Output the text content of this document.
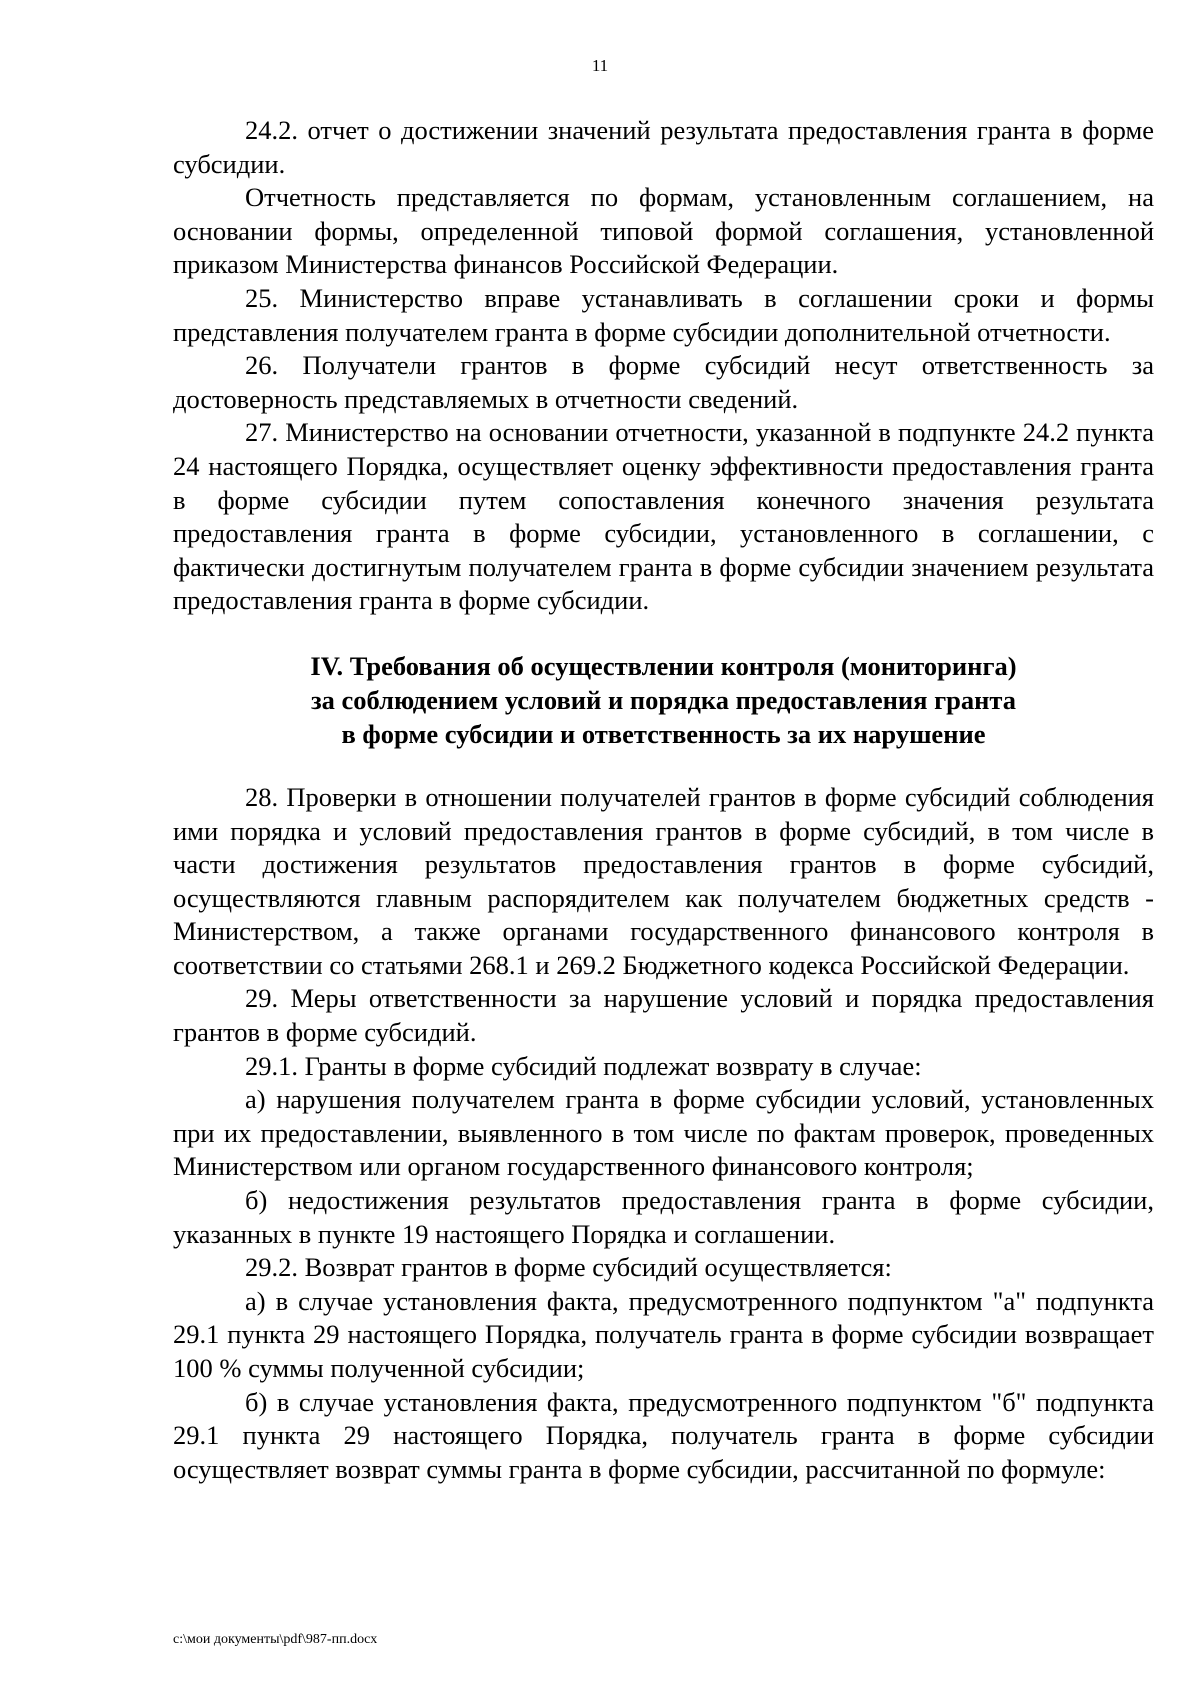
11

24.2. отчет о достижении значений результата предоставления гранта в форме субсидии.

Отчетность представляется по формам, установленным соглашением, на основании формы, определенной типовой формой соглашения, установленной приказом Министерства финансов Российской Федерации.

25. Министерство вправе устанавливать в соглашении сроки и формы представления получателем гранта в форме субсидии дополнительной отчетности.

26. Получатели грантов в форме субсидий несут ответственность за достоверность представляемых в отчетности сведений.

27. Министерство на основании отчетности, указанной в подпункте 24.2 пункта 24 настоящего Порядка, осуществляет оценку эффективности предоставления гранта в форме субсидии путем сопоставления конечного значения результата предоставления гранта в форме субсидии, установленного в соглашении, с фактически достигнутым получателем гранта в форме субсидии значением результата предоставления гранта в форме субсидии.

IV. Требования об осуществлении контроля (мониторинга)
за соблюдением условий и порядка предоставления гранта
в форме субсидии и ответственность за их нарушение

28. Проверки в отношении получателей грантов в форме субсидий соблюдения ими порядка и условий предоставления грантов в форме субсидий, в том числе в части достижения результатов предоставления грантов в форме субсидий, осуществляются главным распорядителем как получателем бюджетных средств - Министерством, а также органами государственного финансового контроля в соответствии со статьями 268.1 и 269.2 Бюджетного кодекса Российской Федерации.

29. Меры ответственности за нарушение условий и порядка предоставления грантов в форме субсидий.

29.1. Гранты в форме субсидий подлежат возврату в случае:

а) нарушения получателем гранта в форме субсидии условий, установленных при их предоставлении, выявленного в том числе по фактам проверок, проведенных Министерством или органом государственного финансового контроля;

б) недостижения результатов предоставления гранта в форме субсидии, указанных в пункте 19 настоящего Порядка и соглашении.

29.2. Возврат грантов в форме субсидий осуществляется:

а) в случае установления факта, предусмотренного подпунктом "а" подпункта 29.1 пункта 29 настоящего Порядка, получатель гранта в форме субсидии возвращает 100 % суммы полученной субсидии;

б) в случае установления факта, предусмотренного подпунктом "б" подпункта 29.1 пункта 29 настоящего Порядка, получатель гранта в форме субсидии осуществляет возврат суммы гранта в форме субсидии, рассчитанной по формуле:

c:\мои документы\pdf\987-пп.docx
